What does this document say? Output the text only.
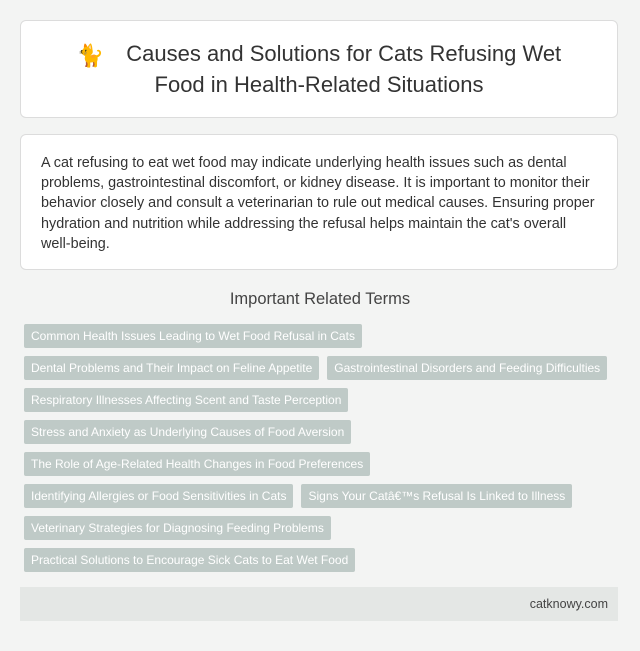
🐈 Causes and Solutions for Cats Refusing Wet Food in Health-Related Situations

A cat refusing to eat wet food may indicate underlying health issues such as dental problems, gastrointestinal discomfort, or kidney disease. It is important to monitor their behavior closely and consult a veterinarian to rule out medical causes. Ensuring proper hydration and nutrition while addressing the refusal helps maintain the cat's overall well-being.

Important Related Terms
Common Health Issues Leading to Wet Food Refusal in Cats
Dental Problems and Their Impact on Feline Appetite	Gastrointestinal Disorders and Feeding Difficulties
Respiratory Illnesses Affecting Scent and Taste Perception
Stress and Anxiety as Underlying Causes of Food Aversion
The Role of Age-Related Health Changes in Food Preferences
Identifying Allergies or Food Sensitivities in Cats	Signs Your Catâ€™s Refusal Is Linked to Illness
Veterinary Strategies for Diagnosing Feeding Problems
Practical Solutions to Encourage Sick Cats to Eat Wet Food
catknowy.com
